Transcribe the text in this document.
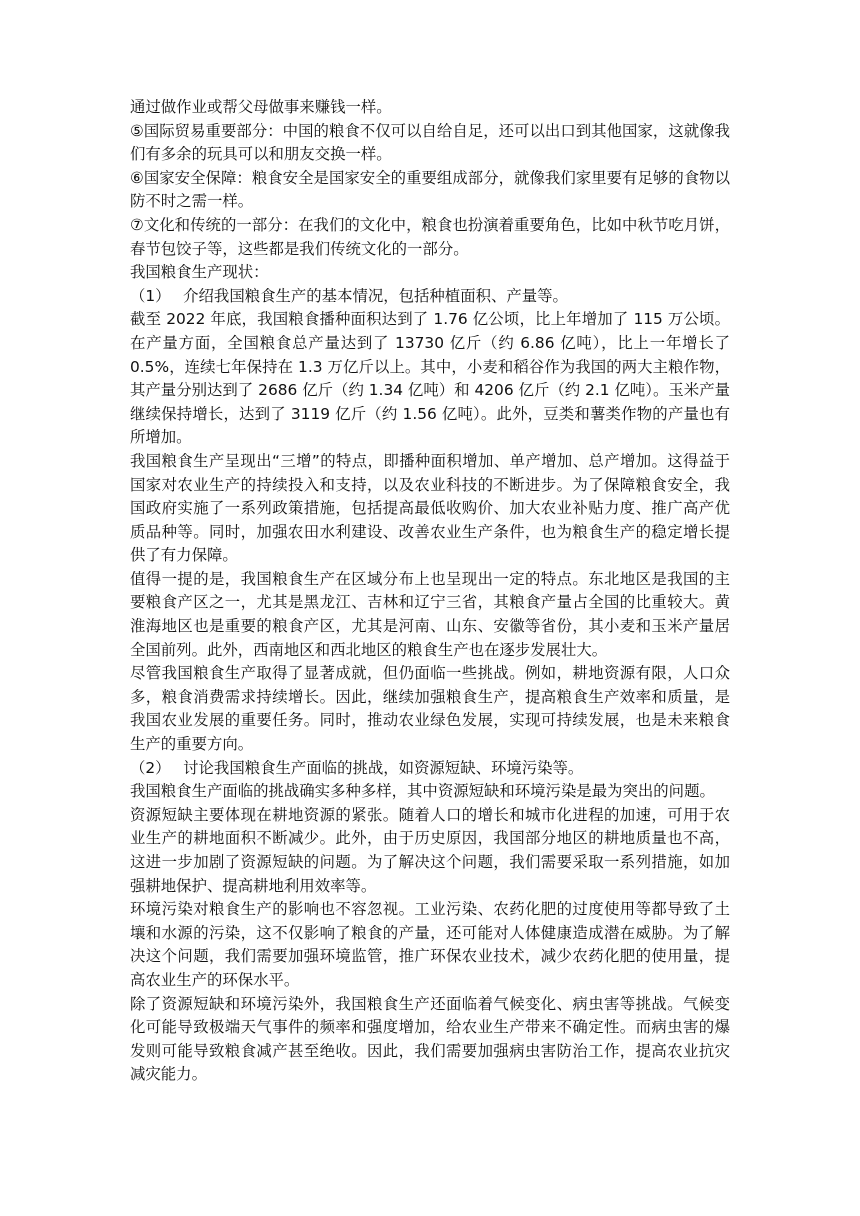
通过做作业或帮父母做事来赚钱一样。

⑤国际贸易重要部分：中国的粮食不仅可以自给自足，还可以出口到其他国家，这就像我们有多余的玩具可以和朋友交换一样。

⑥国家安全保障：粮食安全是国家安全的重要组成部分，就像我们家里要有足够的食物以防不时之需一样。

⑦文化和传统的一部分：在我们的文化中，粮食也扮演着重要角色，比如中秋节吃月饼，春节包饺子等，这些都是我们传统文化的一部分。

我国粮食生产现状：

（1）　 介绍我国粮食生产的基本情况，包括种植面积、产量等。

截至 2022 年底，我国粮食播种面积达到了 1.76 亿公顷，比上年增加了 115 万公顷。在产量方面，全国粮食总产量达到了 13730 亿斤（约 6.86 亿吨），比上一年增长了 0.5%，连续七年保持在 1.3 万亿斤以上。其中，小麦和稻谷作为我国的两大主粮作物，其产量分别达到了 2686 亿斤（约 1.34 亿吨）和 4206 亿斤（约 2.1 亿吨）。玉米产量继续保持增长，达到了 3119 亿斤（约 1.56 亿吨）。此外，豆类和薯类作物的产量也有所增加。

我国粮食生产呈现出“三增”的特点，即播种面积增加、单产增加、总产增加。这得益于国家对农业生产的持续投入和支持，以及农业科技的不断进步。为了保障粮食安全，我国政府实施了一系列政策措施，包括提高最低收购价、加大农业补贴力度、推广高产优质品种等。同时，加强农田水利建设、改善农业生产条件，也为粮食生产的稳定增长提供了有力保障。

值得一提的是，我国粮食生产在区域分布上也呈现出一定的特点。东北地区是我国的主要粮食产区之一，尤其是黑龙江、吉林和辽宁三省，其粮食产量占全国的比重较大。黄淮海地区也是重要的粮食产区，尤其是河南、山东、安徽等省份，其小麦和玉米产量居全国前列。此外，西南地区和西北地区的粮食生产也在逐步发展壮大。

尽管我国粮食生产取得了显著成就，但仍面临一些挑战。例如，耕地资源有限，人口众多，粮食消费需求持续增长。因此，继续加强粮食生产，提高粮食生产效率和质量，是我国农业发展的重要任务。同时，推动农业绿色发展，实现可持续发展，也是未来粮食生产的重要方向。

（2）　 讨论我国粮食生产面临的挑战，如资源短缺、环境污染等。

我国粮食生产面临的挑战确实多种多样，其中资源短缺和环境污染是最为突出的问题。

资源短缺主要体现在耕地资源的紧张。随着人口的增长和城市化进程的加速，可用于农业生产的耕地面积不断减少。此外，由于历史原因，我国部分地区的耕地质量也不高，这进一步加剧了资源短缺的问题。为了解决这个问题，我们需要采取一系列措施，如加强耕地保护、提高耕地利用效率等。

环境污染对粮食生产的影响也不容忽视。工业污染、农药化肥的过度使用等都导致了土壤和水源的污染，这不仅影响了粮食的产量，还可能对人体健康造成潜在威胁。为了解决这个问题，我们需要加强环境监管，推广环保农业技术，减少农药化肥的使用量，提高农业生产的环保水平。

除了资源短缺和环境污染外，我国粮食生产还面临着气候变化、病虫害等挑战。气候变化可能导致极端天气事件的频率和强度增加，给农业生产带来不确定性。而病虫害的爆发则可能导致粮食减产甚至绝收。因此，我们需要加强病虫害防治工作，提高农业抗灾减灾能力。
